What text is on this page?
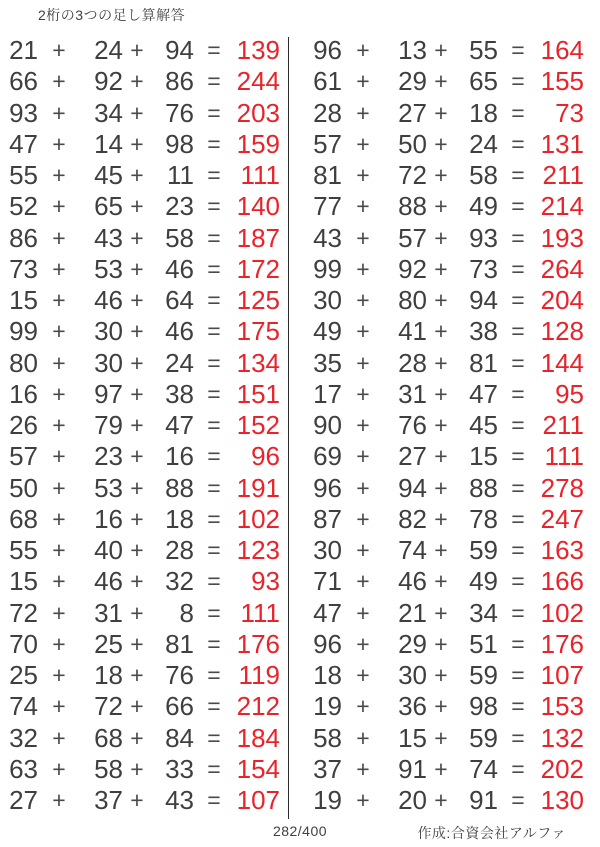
2桁の3つの足し算解答
21 +	24 + 94 = 139
66 +	92 + 86 = 244
93 +	34 + 76 = 203
47 +	14 + 98 = 159
55 +	45 + 11 = 111
52 +	65 + 23 = 140
86 +	43 + 58 = 187
73 +	53 + 46 = 172
15 +	46 + 64 = 125
99 +	30 + 46 = 175
80 +	30 + 24 = 134
16 +	97 + 38 = 151
26 +	79 + 47 = 152
57 +	23 + 16 =	96
50 +	53 + 88 = 191
68 +	16 + 18 = 102
55 +	40 + 28 = 123
15 +	46 + 32 =	93
72 +	31 +	8 = 111
70 +	25 + 81 = 176
25 +	18 + 76 = 119
74 +	72 + 66 = 212
32 +	68 + 84 = 184
63 +	58 + 33 = 154
27 +	37 + 43 = 107
96 +	13 + 55 = 164
61 +	29 + 65 = 155
28 +	27 + 18 =	73
57 +	50 + 24 = 131
81 +	72 + 58 = 211
77 +	88 + 49 = 214
43 +	57 + 93 = 193
99 +	92 + 73 = 264
30 +	80 + 94 = 204
49 +	41 + 38 = 128
35 +	28 + 81 = 144
17 +	31 + 47 =	95
90 +	76 + 45 = 211
69 +	27 + 15 = 111
96 +	94 + 88 = 278
87 +	82 + 78 = 247
30 +	74 + 59 = 163
71 +	46 + 49 = 166
47 +	21 + 34 = 102
96 +	29 + 51 = 176
18 +	30 + 59 = 107
19 +	36 + 98 = 153
58 +	15 + 59 = 132
37 +	91 + 74 = 202
19 +	20 + 91 = 130
282/400	作成:合資会社アルファ
